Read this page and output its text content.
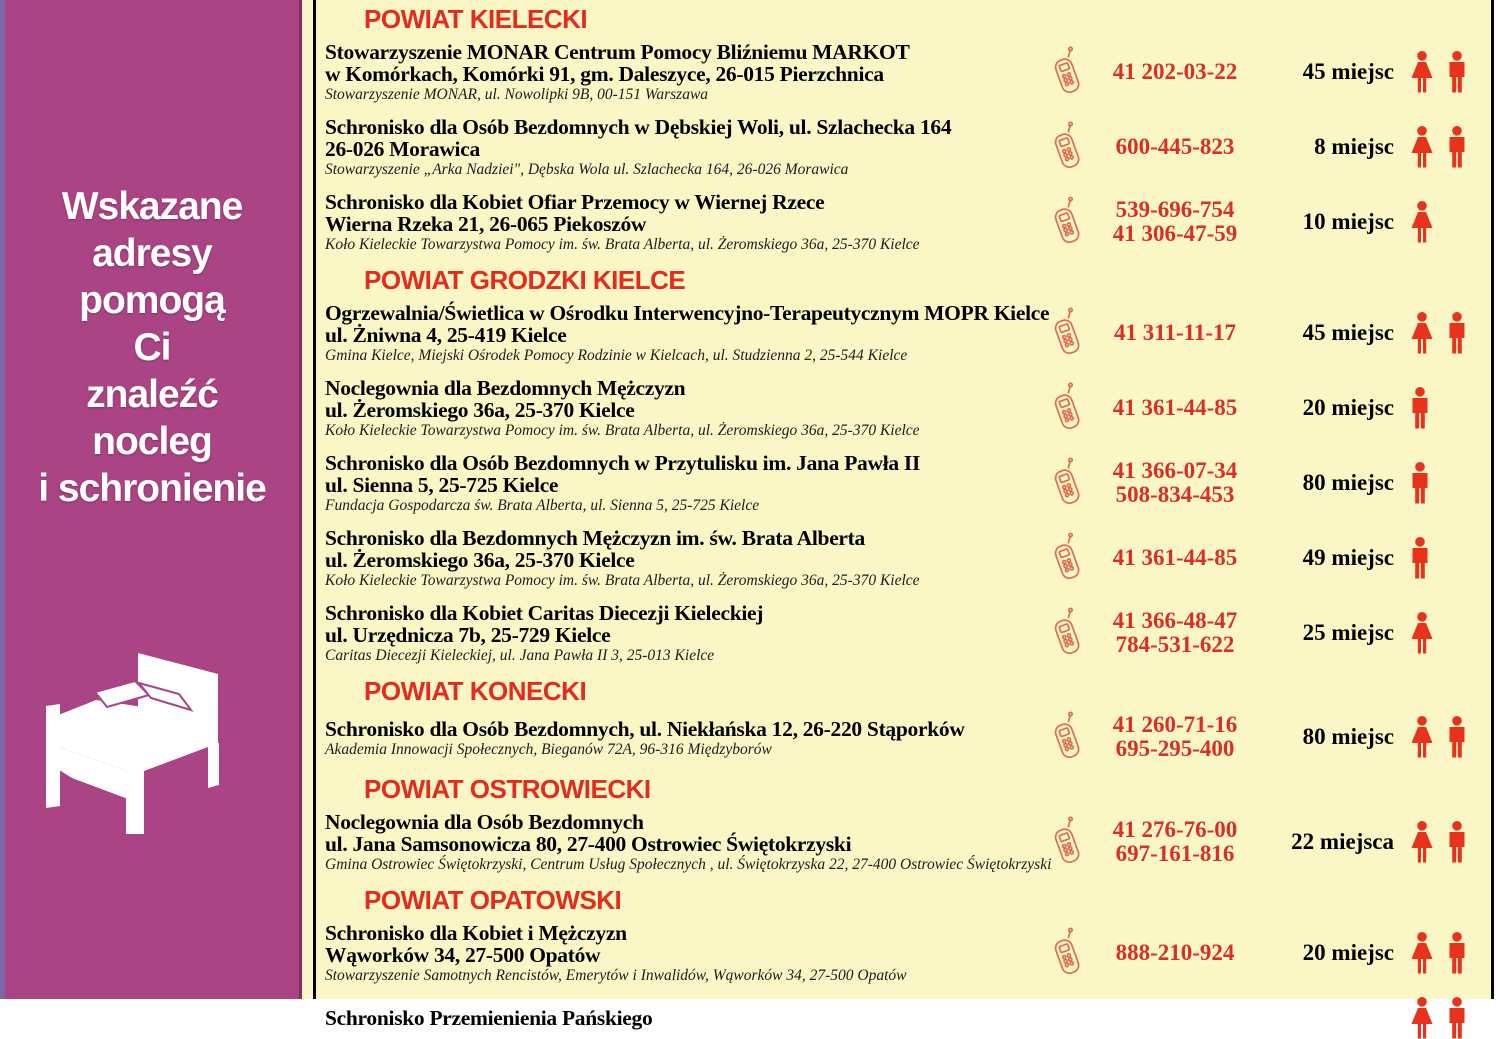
Wskazane
adresy
pomogą
Ci
znaleźć
nocleg
i schronienie
POWIAT KIELECKI
Stowarzyszenie MONAR Centrum Pomocy Bliźniemu MARKOT
w Komórkach, Komórki 91, gm. Daleszyce, 26-015 Pierzchnica
Stowarzyszenie MONAR, ul. Nowolipki 9B, 00-151 Warszawa
41 202-03-22	45 miejsc
Schronisko dla Osób Bezdomnych w Dębskiej Woli, ul. Szlachecka 164
26-026 Morawica
Stowarzyszenie „Arka Nadziei", Dębska Wola ul. Szlachecka 164, 26-026 Morawica
600-445-823	8 miejsc
Schronisko dla Kobiet Ofiar Przemocy w Wiernej Rzece
Wierna Rzeka 21, 26-065 Piekoszów
Koło Kieleckie Towarzystwa Pomocy im. św. Brata Alberta, ul. Żeromskiego 36a, 25-370 Kielce
539-696-754
41 306-47-59	10 miejsc
POWIAT GRODZKI KIELCE
Ogrzewalnia/Świetlica w Ośrodku Interwencyjno-Terapeutycznym MOPR Kielce
ul. Żniwna 4, 25-419 Kielce
Gmina Kielce, Miejski Ośrodek Pomocy Rodzinie w Kielcach, ul. Studzienna 2, 25-544 Kielce
41 311-11-17	45 miejsc
Noclegownia dla Bezdomnych Mężczyzn
ul. Żeromskiego 36a, 25-370 Kielce
Koło Kieleckie Towarzystwa Pomocy im. św. Brata Alberta, ul. Żeromskiego 36a, 25-370 Kielce
41 361-44-85	20 miejsc
Schronisko dla Osób Bezdomnych w Przytulisku im. Jana Pawła II
ul. Sienna 5, 25-725 Kielce
Fundacja Gospodarcza św. Brata Alberta, ul. Sienna 5, 25-725 Kielce
41 366-07-34
508-834-453	80 miejsc
Schronisko dla Bezdomnych Mężczyzn im. św. Brata Alberta
ul. Żeromskiego 36a, 25-370 Kielce
Koło Kieleckie Towarzystwa Pomocy im. św. Brata Alberta, ul. Żeromskiego 36a, 25-370 Kielce
41 361-44-85	49 miejsc
Schronisko dla Kobiet Caritas Diecezji Kieleckiej
ul. Urzędnicza 7b, 25-729 Kielce
Caritas Diecezji Kieleckiej, ul. Jana Pawła II 3, 25-013 Kielce
41 366-48-47
784-531-622	25 miejsc
POWIAT KONECKI
Schronisko dla Osób Bezdomnych, ul. Niekłańska 12, 26-220 Stąporków
Akademia Innowacji Społecznych, Bieganów 72A, 96-316 Międzyborów
41 260-71-16
695-295-400	80 miejsc
POWIAT OSTROWIECKI
Noclegownia dla Osób Bezdomnych
ul. Jana Samsonowicza 80, 27-400 Ostrowiec Świętokrzyski
Gmina Ostrowiec Świętokrzyski, Centrum Usług Społecznych , ul. Świętokrzyska 22, 27-400 Ostrowiec Świętokrzyski
41 276-76-00
697-161-816	22 miejsca
POWIAT OPATOWSKI
Schronisko dla Kobiet i Mężczyzn
Wąworków 34, 27-500 Opatów
Stowarzyszenie Samotnych Rencistów, Emerytów i Inwalidów, Wąworków 34, 27-500 Opatów
888-210-924	20 miejsc
Schronisko Przemienienia Pańskiego
